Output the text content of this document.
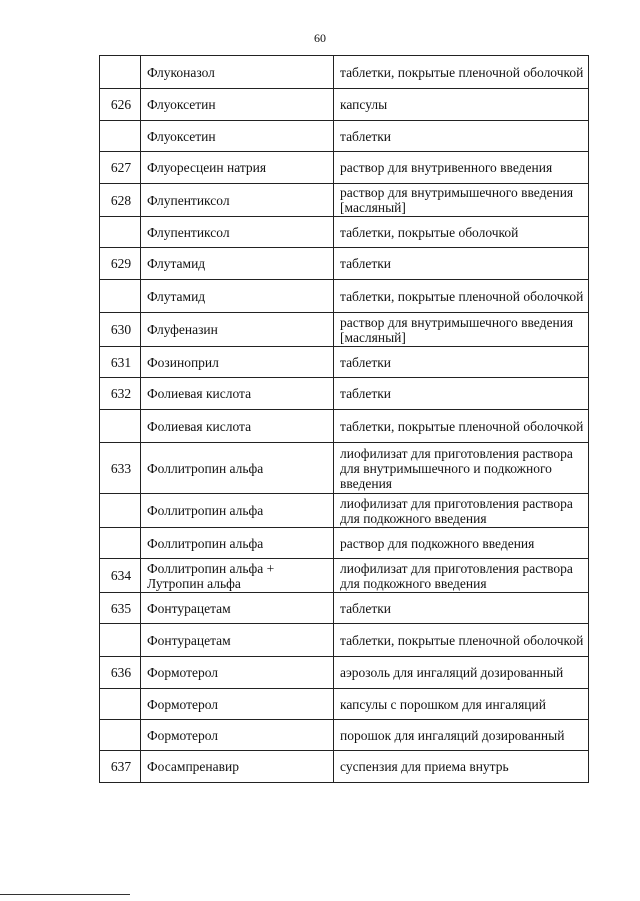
60
	Флуконазол	таблетки, покрытые пленочной оболочкой
626	Флуоксетин	капсулы
	Флуоксетин	таблетки
627	Флуоресцеин натрия	раствор для внутривенного введения
628	Флупентиксол	раствор для внутримышечного введения [масляный]
	Флупентиксол	таблетки, покрытые оболочкой
629	Флутамид	таблетки
	Флутамид	таблетки, покрытые пленочной оболочкой
630	Флуфеназин	раствор для внутримышечного введения [масляный]
631	Фозиноприл	таблетки
632	Фолиевая кислота	таблетки
	Фолиевая кислота	таблетки, покрытые пленочной оболочкой
633	Фоллитропин альфа	лиофилизат для приготовления раствора для внутримышечного и подкожного введения
	Фоллитропин альфа	лиофилизат для приготовления раствора для подкожного введения
	Фоллитропин альфа	раствор для подкожного введения
634	Фоллитропин альфа + Лутропин альфа	лиофилизат для приготовления раствора для подкожного введения
635	Фонтурацетам	таблетки
	Фонтурацетам	таблетки, покрытые пленочной оболочкой
636	Формотерол	аэрозоль для ингаляций дозированный
	Формотерол	капсулы с порошком для ингаляций
	Формотерол	порошок для ингаляций дозированный
637	Фосампренавир	суспензия для приема внутрь
